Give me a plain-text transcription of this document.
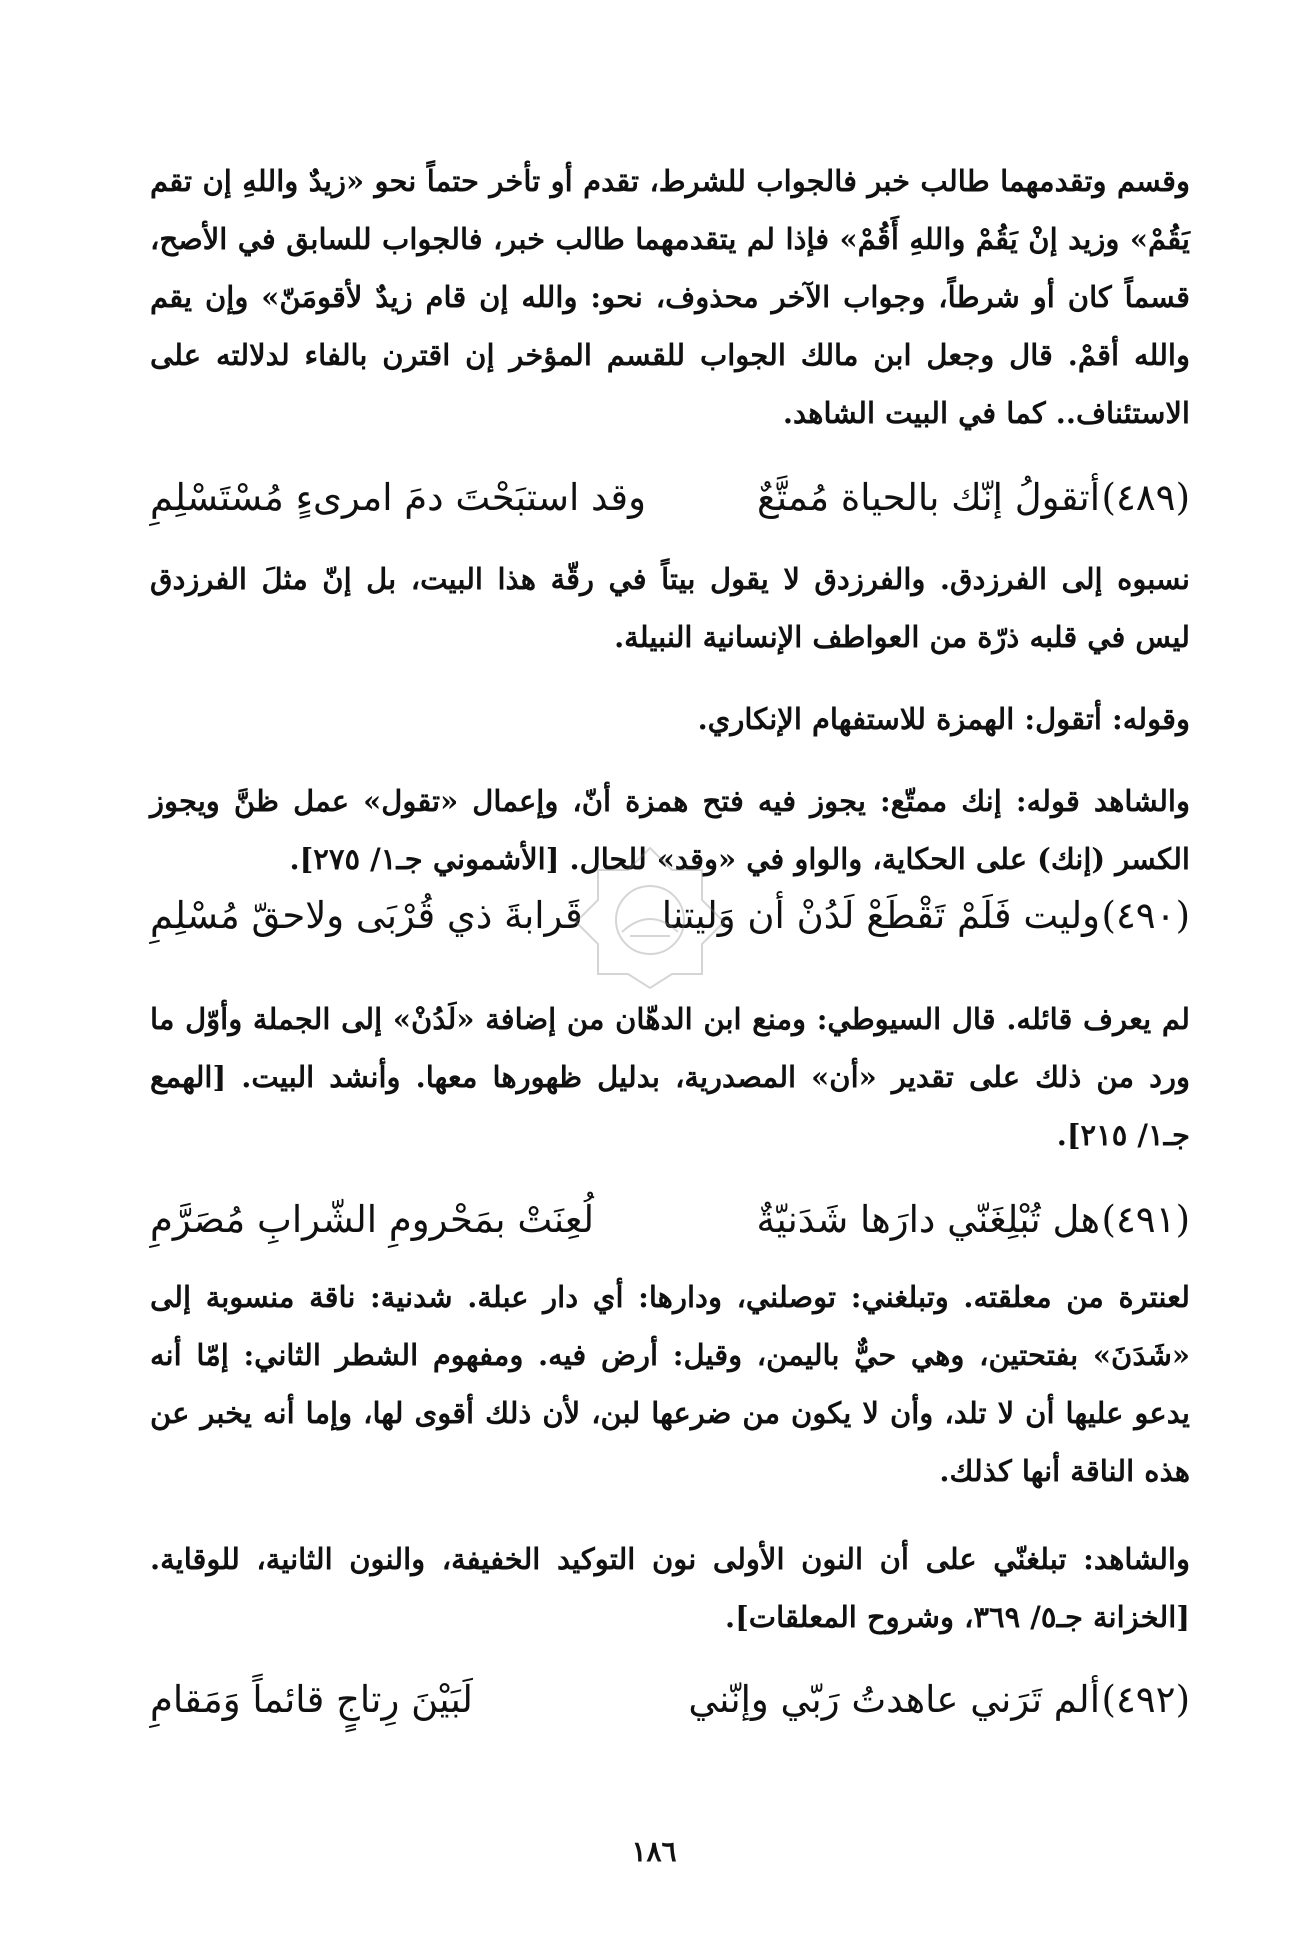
وقسم وتقدمهما طالب خبر فالجواب للشرط، تقدم أو تأخر حتماً نحو «زيدٌ واللهِ إن تقم يَقُمْ» وزيد إنْ يَقُمْ واللهِ أَقُمْ» فإذا لم يتقدمهما طالب خبر، فالجواب للسابق في الأصح، قسماً كان أو شرطاً، وجواب الآخر محذوف، نحو: والله إن قام زيدٌ لأقومَنّ» وإن يقم والله أقمْ. قال وجعل ابن مالك الجواب للقسم المؤخر إن اقترن بالفاء لدلالته على الاستئناف.. كما في البيت الشاهد.
(٤٨٩)
أتقولُ إنّك بالحياة مُمتَّعٌ
وقد استبَحْتَ دمَ امرىءٍ مُسْتَسْلِمِ
نسبوه إلى الفرزدق. والفرزدق لا يقول بيتاً في رقّة هذا البيت، بل إنّ مثلَ الفرزدق ليس في قلبه ذرّة من العواطف الإنسانية النبيلة.
وقوله: أتقول: الهمزة للاستفهام الإنكاري.
والشاهد قوله: إنك ممتّع: يجوز فيه فتح همزة أنّ، وإعمال «تقول» عمل ظنَّ ويجوز الكسر (إنك) على الحكاية، والواو في «وقد» للحال. [الأشموني جـ١/ ٢٧٥].
(٤٩٠)
وليت فَلَمْ تَقْطَعْ لَدُنْ أن وَليتنا
قَرابةَ ذي قُرْبَى ولاحقّ مُسْلِمِ
لم يعرف قائله. قال السيوطي: ومنع ابن الدهّان من إضافة «لَدُنْ» إلى الجملة وأوّل ما ورد من ذلك على تقدير «أن» المصدرية، بدليل ظهورها معها. وأنشد البيت. [الهمع جـ١/ ٢١٥].
(٤٩١)
هل تُبْلِغَنّي دارَها شَدَنيّةٌ
لُعِنَتْ بمَحْرومِ الشّرابِ مُصَرَّمِ
لعنترة من معلقته. وتبلغني: توصلني، ودارها: أي دار عبلة. شدنية: ناقة منسوبة إلى «شَدَنَ» بفتحتين، وهي حيٌّ باليمن، وقيل: أرض فيه. ومفهوم الشطر الثاني: إمّا أنه يدعو عليها أن لا تلد، وأن لا يكون من ضرعها لبن، لأن ذلك أقوى لها، وإما أنه يخبر عن هذه الناقة أنها كذلك.
والشاهد: تبلغنّي على أن النون الأولى نون التوكيد الخفيفة، والنون الثانية، للوقاية. [الخزانة جـ٥/ ٣٦٩، وشروح المعلقات].
(٤٩٢)
ألم تَرَني عاهدتُ رَبّي وإنّني
لَبَيْنَ رِتاجٍ قائماً وَمَقامِ
١٨٦
